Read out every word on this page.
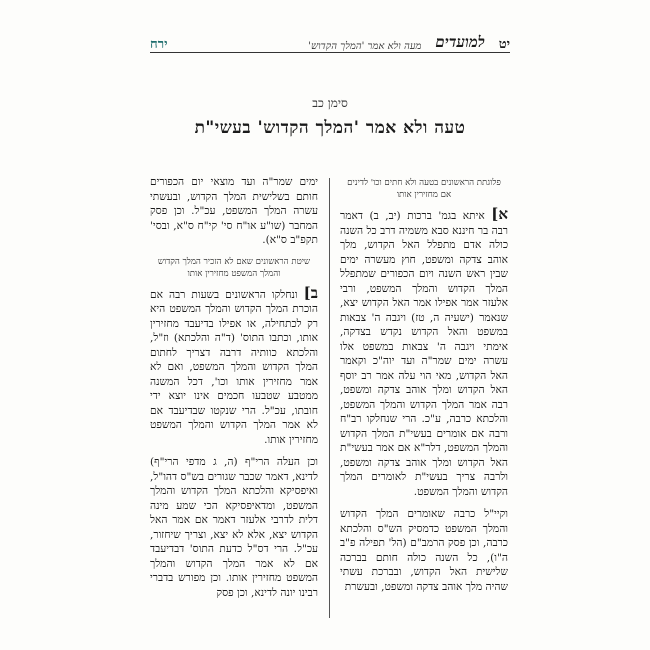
יט
למועדים
מעה ולא אמר 'המלך הקדוש'
ירח
סימן כב
טעה ולא אמר 'המלך הקדוש' בעשי"ת
פלוגתת הראשונים בטעה ולא חתים וכו' לדינים אם מחזירין אותו

א] איתא בגמ' ברכות (יב, ב) דאמר רבה בר חיננא סבא משמיה דרב כל השנה כולה אדם מתפלל האל הקדוש, מלך אוהב צדקה ומשפט, חוץ מעשרה ימים שבין ראש השנה ויום הכפורים שמתפלל המלך הקדוש והמלך המשפט, ורבי אלעזר אמר אפילו אמר האל הקדוש יצא, שנאמר (ישעיה ה, טז) ויגבה ה' צבאות במשפט והאל הקדוש נקדש בצדקה, אימתי ויגבה ה' צבאות במשפט אלו עשרה ימים שמר"ה ועד יוה"כ וקאמר האל הקדוש, מאי הוי עלה אמר רב יוסף האל הקדוש ומלך אוהב צדקה ומשפט, רבה אמר המלך הקדוש והמלך המשפט, והלכתא כרבה, ע"כ. הרי שנחלקו רב"ח ורבה אם אומרים בעשי"ת המלך הקדוש והמלך המשפט, דלר"א אם אמר בעשי"ת האל הקדוש ומלך אוהב צדקה ומשפט, ולרבה צריך בעשי"ת לאומרים המלך הקדוש והמלך המשפט.

וקיי"ל כרבה שאומרים המלך הקדוש והמלך המשפט כדמסיק הש"ס והלכתא כרבה, וכן פסק הרמב"ם (הל' תפילה פ"ב ה"ו), כל השנה כולה חותם בברכה שלישית האל הקדוש, ובברכת עשתי שהיה מלך אוהב צדקה ומשפט, ובעשרת

ימים שמר"ה ועד מוצאי יום הכפורים חותם בשלישית המלך הקדוש, ובעשתי עשרה המלך המשפט, עכ"ל. וכן פסק המחבר (שו"ע או"ח סי' קי"ח ס"א, ובסי' תקפ"ב ס"א).

שיטת הראשונים שאם לא הזכיר המלך הקדוש והמלך המשפט מחזירין אותו

ב] ונחלקו הראשונים בשעות רבה אם הוכרת המלך הקדוש והמלך המשפט היא רק לכתחילה, או אפילו בדיעבד מחזירין אותו, וכתבו התוס' (ד"ה והלכתא) וז"ל, והלכתא כוותיה דרבה דצריך לחתום המלך הקדוש והמלך המשפט, ואם לא אמר מחזירין אותו וכו', דכל המשנה ממטבע שטבעו חכמים אינו יוצא ידי חובתו, עכ"ל. הרי שנקטו שבדיעבד אם לא אמר המלך הקדוש והמלך המשפט מחזירין אותו.

וכן העלה הרי"ף (ה, ג מדפי הרי"ף) לדינא, דאמר שכבר שגורים בש"ס דהו"ל, ואיפסיקא והלכתא המלך הקדוש והמלך המשפט, ומדאיפסיקא הכי שמע מינה דלית לדרבי אלעזר דאמר אם אמר האל הקדוש יצא, אלא לא יצא, וצריך שיחזור, עכ"ל. הרי דס"ל כדעת התוס' דבדיעבד אם לא אמר המלך הקדוש והמלך המשפט מחזירין אותו. וכן מפורש בדברי רבינו יונה לדינא, וכן פסק
